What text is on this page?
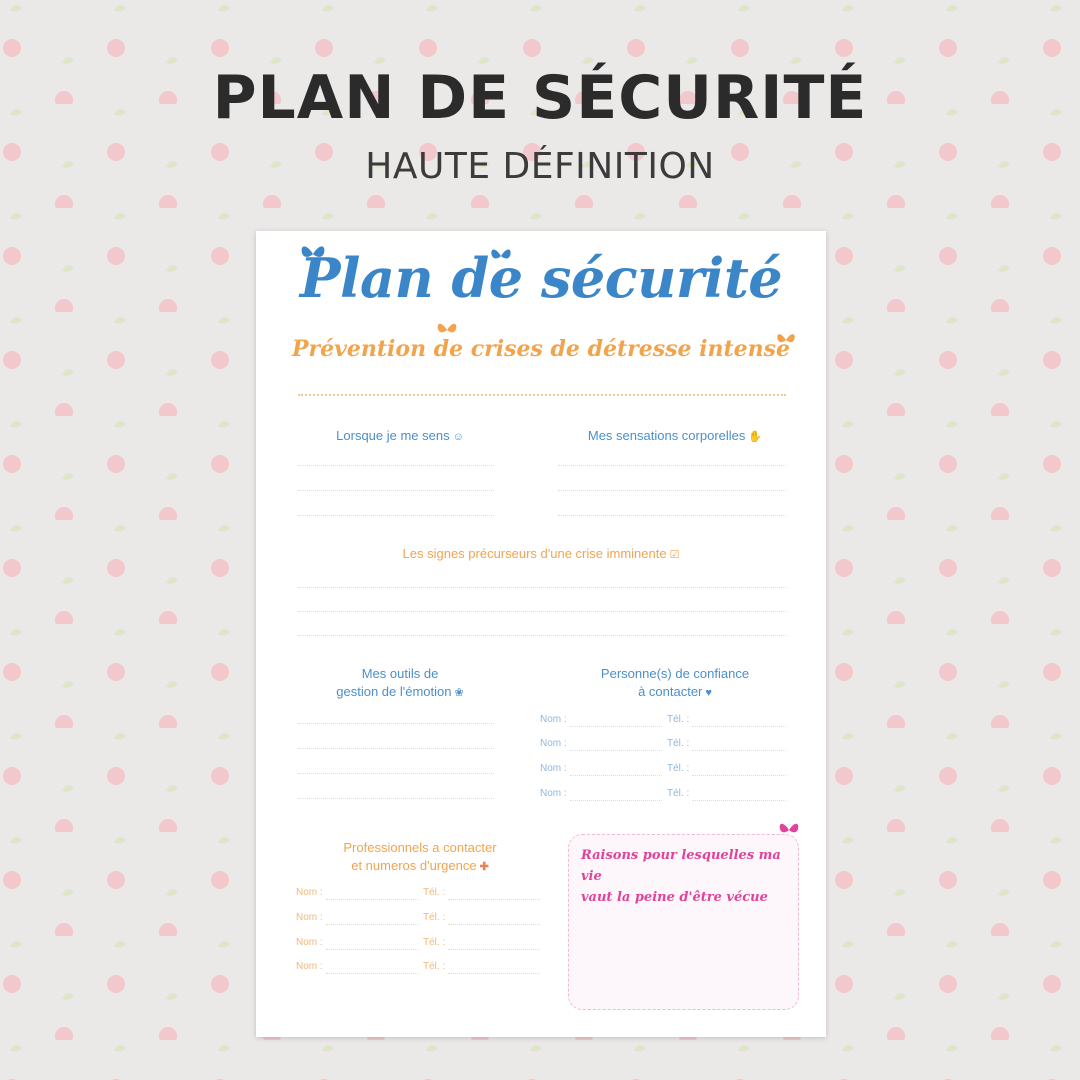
PLAN DE SÉCURITÉ
HAUTE DÉFINITION
Plan de sécurité
Prévention de crises de détresse intense
Lorsque je me sens ☺	Mes sensations corporelles ✋
Les signes précurseurs d'une crise imminente ☑
Mes outils de
gestion de l'émotion ❀
Personne(s) de confiance
à contacter ♥
Nom :	Tél. :
Nom :	Tél. :
Nom :	Tél. :
Nom :	Tél. :
Professionnels a contacter
et numeros d'urgence ✚
Nom :	Tél. :
Nom :	Tél. :
Nom :	Tél. :
Nom :	Tél. :
Raisons pour lesquelles ma vie
vaut la peine d'être vécue
